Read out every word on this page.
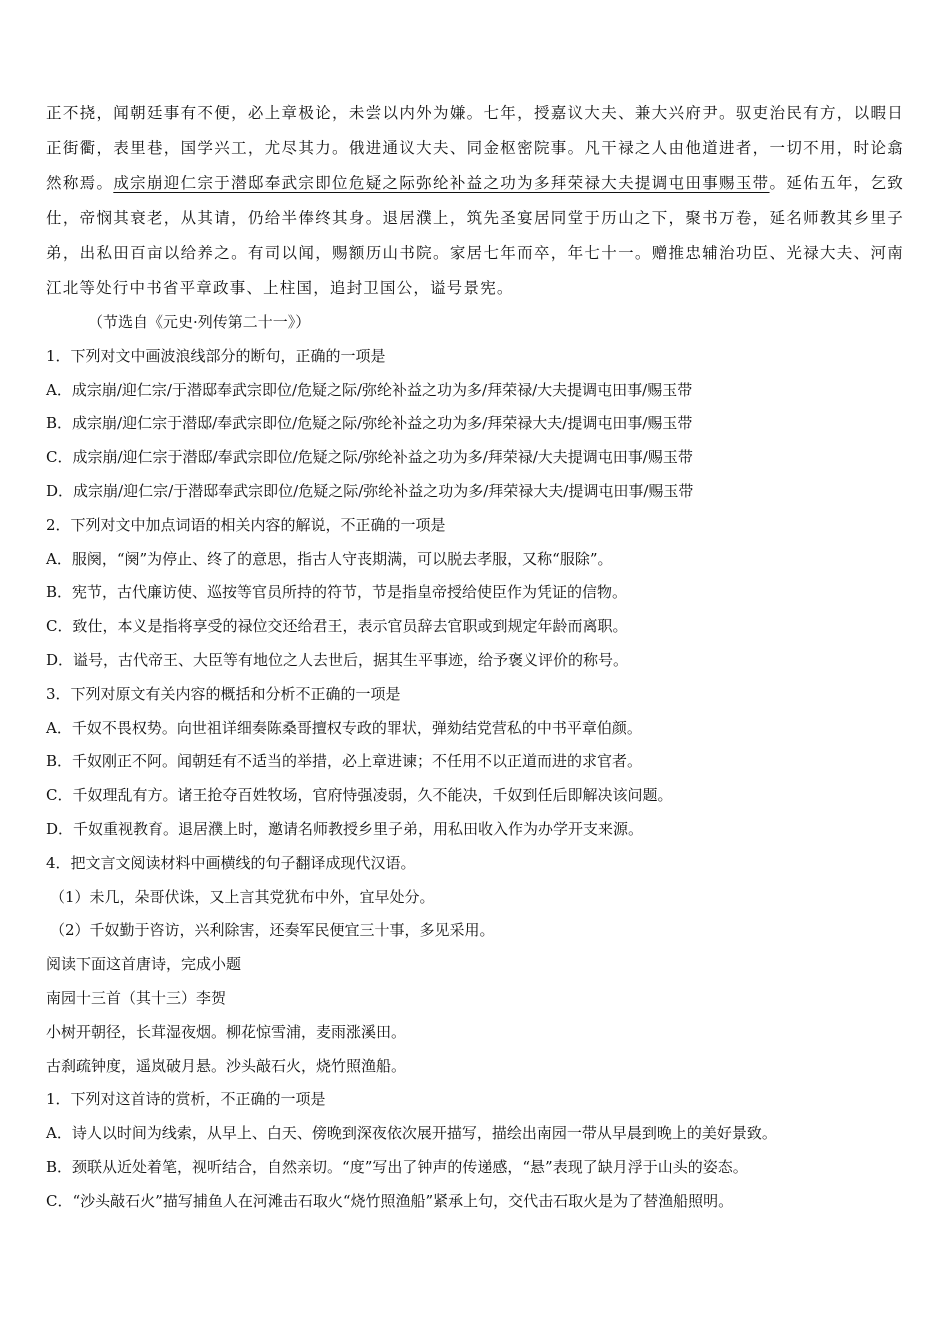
正不挠，闻朝廷事有不便，必上章极论，未尝以内外为嫌。七年，授嘉议大夫、兼大兴府尹。驭吏治民有方，以暇日正街衢，表里巷，国学兴工，尤尽其力。俄进通议大夫、同金枢密院事。凡干禄之人由他道进者，一切不用，时论翕然称焉。成宗崩迎仁宗于潜邸奉武宗即位危疑之际弥纶补益之功为多拜荣禄大夫提调屯田事赐玉带。延佑五年，乞致仕，帝悯其衰老，从其请，仍给半俸终其身。退居濮上，筑先圣宴居同堂于历山之下，聚书万卷，延名师教其乡里子弟，出私田百亩以给养之。有司以闻，赐额历山书院。家居七年而卒，年七十一。赠推忠辅治功臣、光禄大夫、河南江北等处行中书省平章政事、上柱国，追封卫国公，谥号景宪。

（节选自《元史·列传第二十一》）

1．下列对文中画波浪线部分的断句，正确的一项是

A．成宗崩/迎仁宗/于潜邸奉武宗即位/危疑之际/弥纶补益之功为多/拜荣禄/大夫提调屯田事/赐玉带

B．成宗崩/迎仁宗于潜邸/奉武宗即位/危疑之际/弥纶补益之功为多/拜荣禄大夫/提调屯田事/赐玉带

C．成宗崩/迎仁宗于潜邸/奉武宗即位/危疑之际/弥纶补益之功为多/拜荣禄/大夫提调屯田事/赐玉带

D．成宗崩/迎仁宗/于潜邸奉武宗即位/危疑之际/弥纶补益之功为多/拜荣禄大夫/提调屯田事/赐玉带

2．下列对文中加点词语的相关内容的解说，不正确的一项是

A．服阕，“阕”为停止、终了的意思，指古人守丧期满，可以脱去孝服，又称“服除”。

B．宪节，古代廉访使、巡按等官员所持的符节，节是指皇帝授给使臣作为凭证的信物。

C．致仕，本义是指将享受的禄位交还给君王，表示官员辞去官职或到规定年龄而离职。

D．谥号，古代帝王、大臣等有地位之人去世后，据其生平事迹，给予褒义评价的称号。

3．下列对原文有关内容的概括和分析不正确的一项是

A．千奴不畏权势。向世祖详细奏陈桑哥擅权专政的罪状，弹劾结党营私的中书平章伯颜。

B．千奴刚正不阿。闻朝廷有不适当的举措，必上章进谏；不任用不以正道而进的求官者。

C．千奴理乱有方。诸王抢夺百姓牧场，官府恃强凌弱，久不能决，千奴到任后即解决该问题。

D．千奴重视教育。退居濮上时，邀请名师教授乡里子弟，用私田收入作为办学开支来源。

4．把文言文阅读材料中画横线的句子翻译成现代汉语。

（1）未几，朵哥伏诛，又上言其党犹布中外，宜早处分。

（2）千奴勤于咨访，兴利除害，还奏军民便宜三十事，多见采用。

阅读下面这首唐诗，完成小题

南园十三首（其十三）李贺

小树开朝径，长茸湿夜烟。柳花惊雪浦，麦雨涨溪田。

古刹疏钟度，遥岚破月悬。沙头敲石火，烧竹照渔船。

1．下列对这首诗的赏析，不正确的一项是

A．诗人以时间为线索，从早上、白天、傍晚到深夜依次展开描写，描绘出南园一带从早晨到晚上的美好景致。

B．颈联从近处着笔，视听结合，自然亲切。“度”写出了钟声的传递感，“悬”表现了缺月浮于山头的姿态。

C．“沙头敲石火”描写捕鱼人在河滩击石取火“烧竹照渔船”紧承上句，交代击石取火是为了替渔船照明。
